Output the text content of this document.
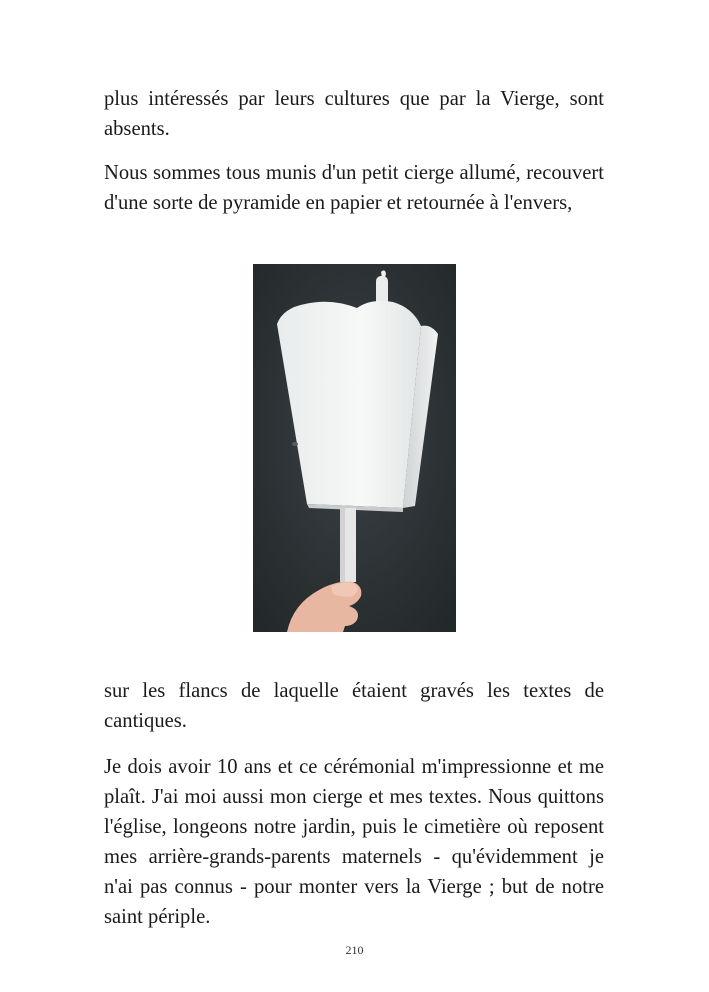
plus intéressés par leurs cultures que par la Vierge, sont absents.

Nous sommes tous munis d'un petit cierge allumé, recouvert d'une sorte de pyramide en papier et retournée à l'envers,

sur les flancs de laquelle étaient gravés les textes de cantiques.

Je dois avoir 10 ans et ce cérémonial m'impressionne et me plaît. J'ai moi aussi mon cierge et mes textes. Nous quittons l'église, longeons notre jardin, puis le cimetière où reposent mes arrière-grands-parents maternels - qu'évidemment je n'ai pas connus - pour monter vers la Vierge ; but de notre saint périple.

210
